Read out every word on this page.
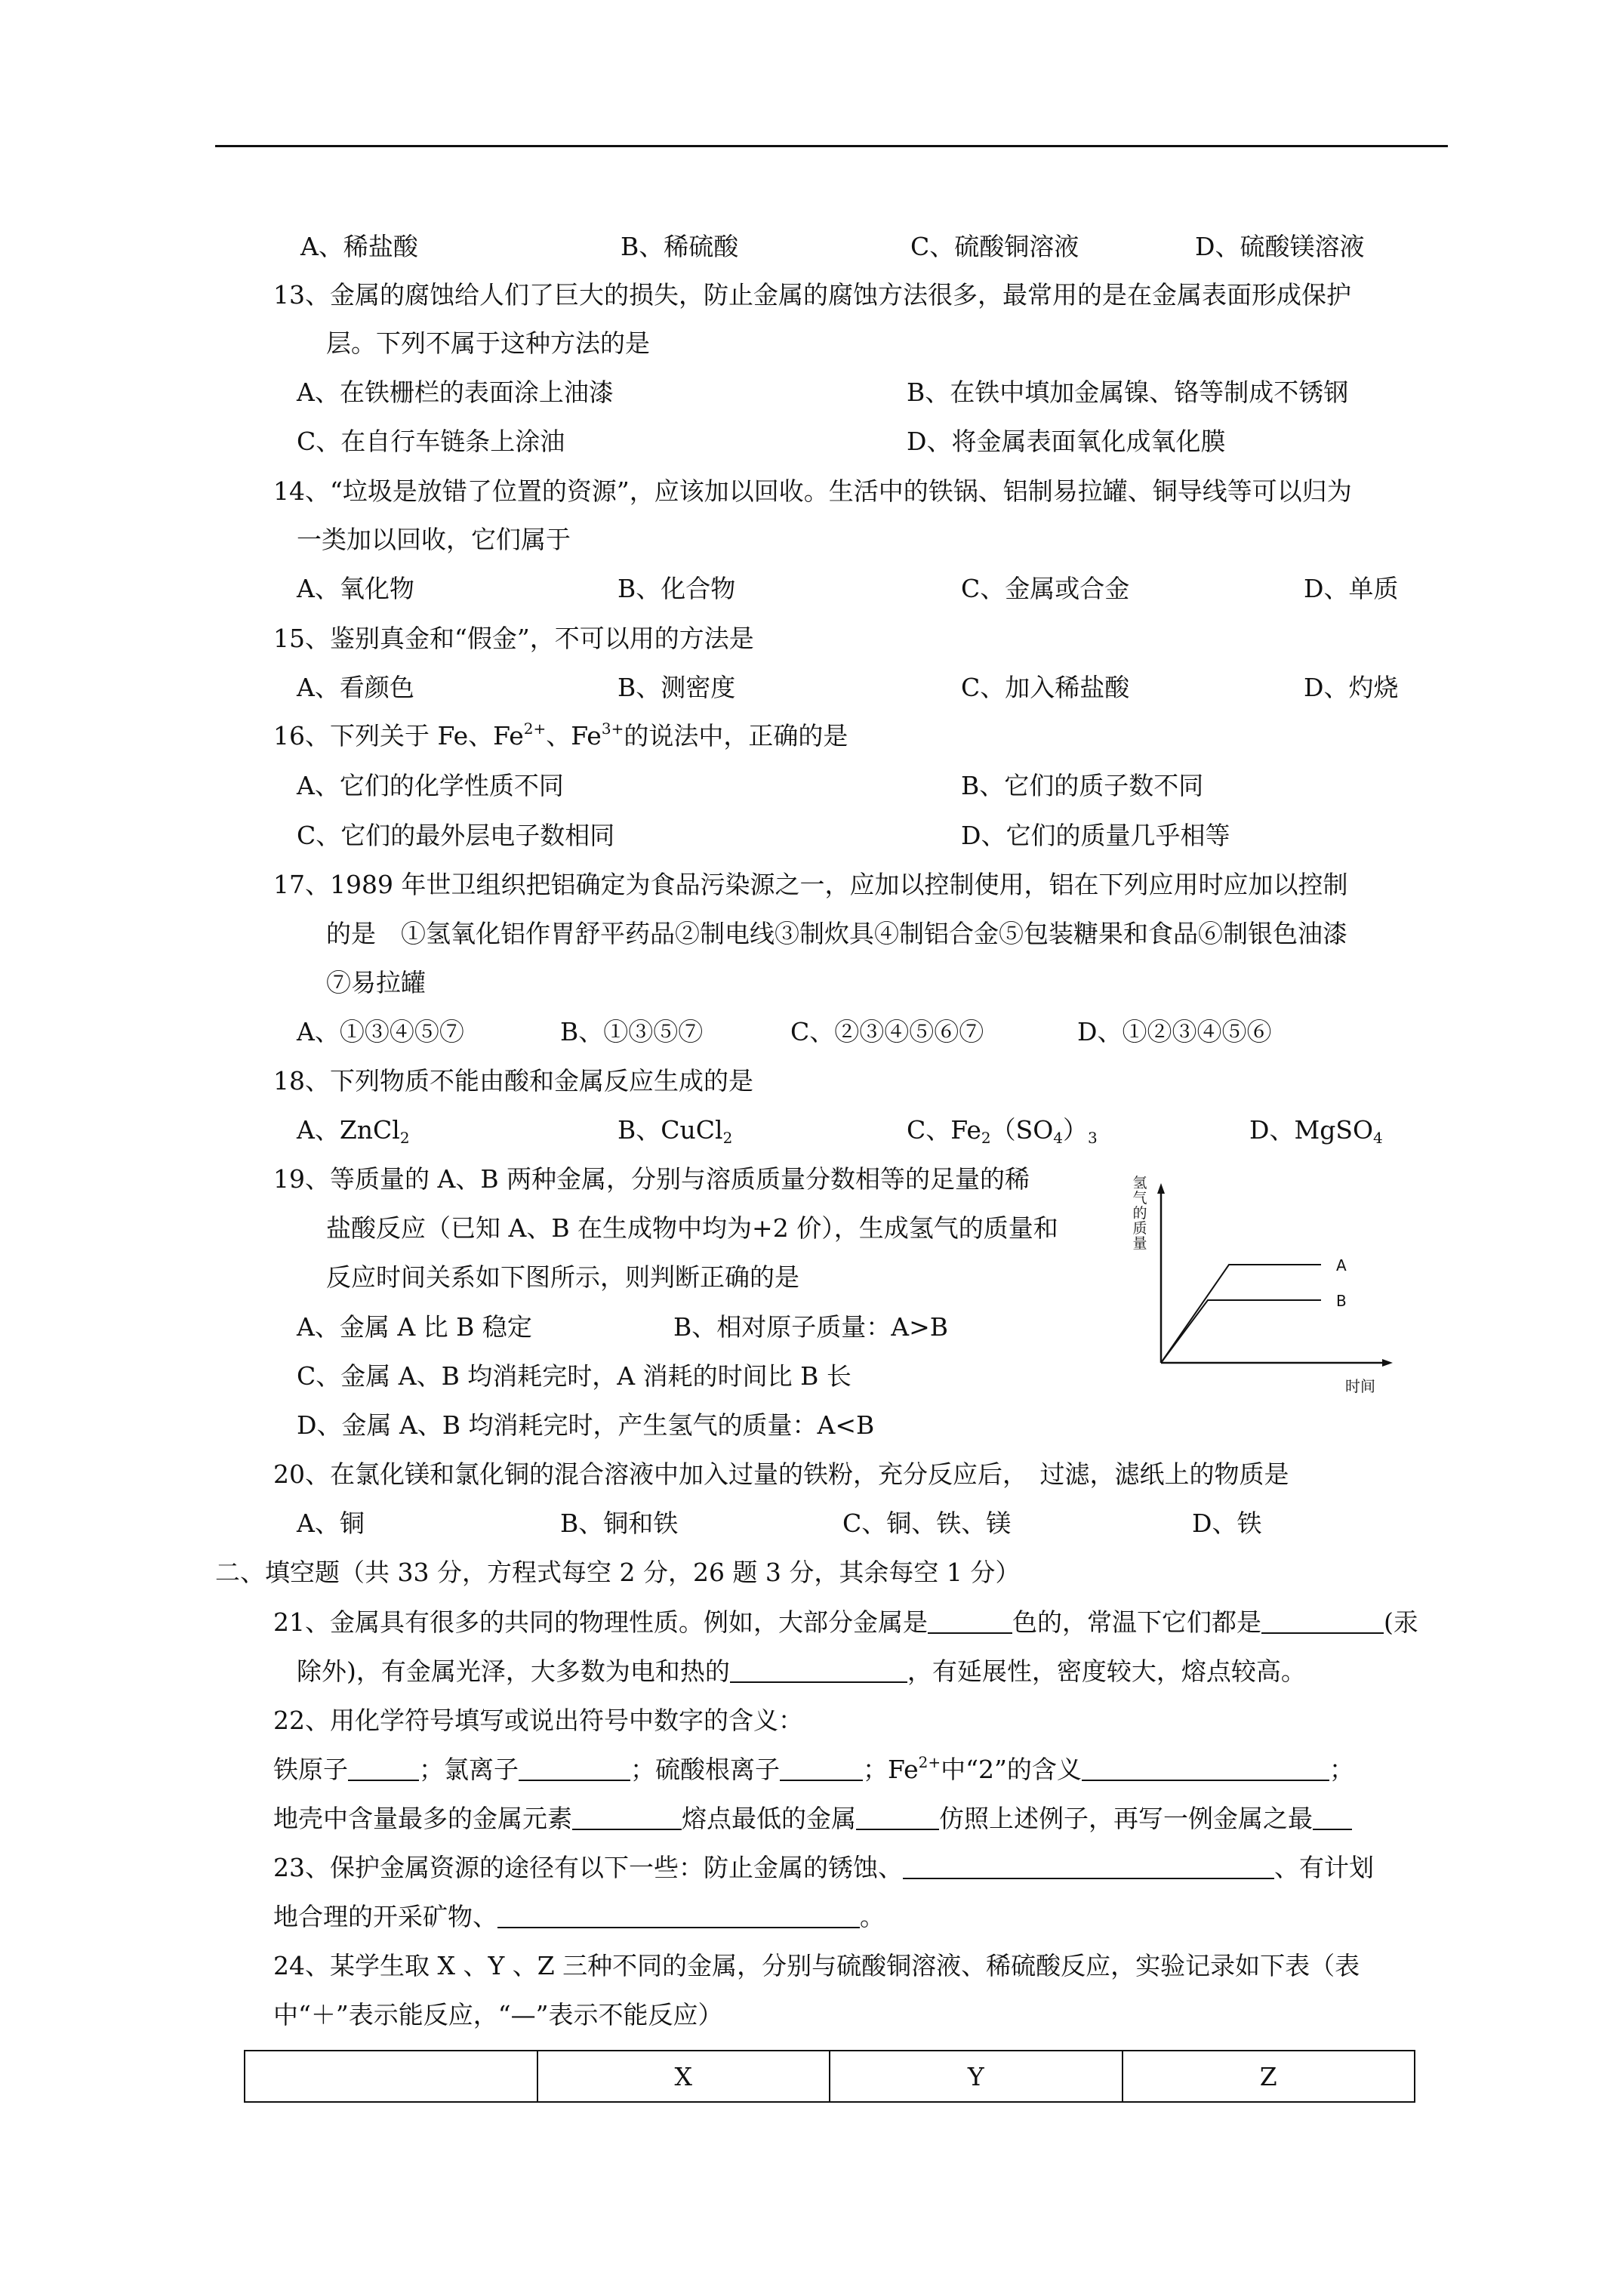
A、稀盐酸	B、稀硫酸	C、硫酸铜溶液	D、硫酸镁溶液
13、金属的腐蚀给人们了巨大的损失，防止金属的腐蚀方法很多，最常用的是在金属表面形成保护
层。下列不属于这种方法的是
A、在铁栅栏的表面涂上油漆	B、在铁中填加金属镍、铬等制成不锈钢
C、在自行车链条上涂油	D、将金属表面氧化成氧化膜
14、“垃圾是放错了位置的资源”，应该加以回收。生活中的铁锅、铝制易拉罐、铜导线等可以归为
一类加以回收，它们属于
A、氧化物	B、化合物	C、金属或合金	D、单质
15、鉴别真金和“假金”，不可以用的方法是
A、看颜色	B、测密度	C、加入稀盐酸	D、灼烧
16、下列关于 Fe、$Fe^{2+}$、$Fe^{3+}$的说法中，正确的是
A、它们的化学性质不同	B、它们的质子数不同
C、它们的最外层电子数相同	D、它们的质量几乎相等
17、1989 年世卫组织把铝确定为食品污染源之一，应加以控制使用，铝在下列应用时应加以控制
的是　①氢氧化铝作胃舒平药品②制电线③制炊具④制铝合金⑤包装糖果和食品⑥制银色油漆
⑦易拉罐
A、①③④⑤⑦	B、①③⑤⑦	C、②③④⑤⑥⑦	D、①②③④⑤⑥
18、下列物质不能由酸和金属反应生成的是
A、ZnCl$_2$	B、CuCl$_2$	C、$Fe_2(SO_4)_3$	D、MgSO$_4$
19、等质量的 A、B 两种金属，分别与溶质质量分数相等的足量的稀
盐酸反应（已知 A、B 在生成物中均为+2 价），生成氢气的质量和
反应时间关系如下图所示，则判断正确的是
A、金属 A 比 B 稳定	B、相对原子质量：A>B
C、金属 A、B 均消耗完时，A 消耗的时间比 B 长
D、金属 A、B 均消耗完时，产生氢气的质量：A<B
氢
气
的
质
量
A
B
时间
20、在氯化镁和氯化铜的混合溶液中加入过量的铁粉，充分反应后，　过滤，滤纸上的物质是
A、铜	B、铜和铁	C、铜、铁、镁	D、铁
二、填空题（共 33 分，方程式每空 2 分，26 题 3 分，其余每空 1 分）
21、金属具有很多的共同的物理性质。例如，大部分金属是	色的，常温下它们都是	(汞
除外)，有金属光泽，大多数为电和热的	，有延展性，密度较大，熔点较高。
22、用化学符号填写或说出符号中数字的含义：
铁原子	；氯离子	；硫酸根离子	；$Fe^{2+}$中“2”的含义	；
地壳中含量最多的金属元素	熔点最低的金属	仿照上述例子，再写一例金属之最
23、保护金属资源的途径有以下一些：防止金属的锈蚀、	、有计划
地合理的开采矿物、	。
24、某学生取 X 、Y 、Z 三种不同的金属，分别与硫酸铜溶液、稀硫酸反应，实验记录如下表（表
中“＋”表示能反应，“—”表示不能反应）
	X	Y	Z
